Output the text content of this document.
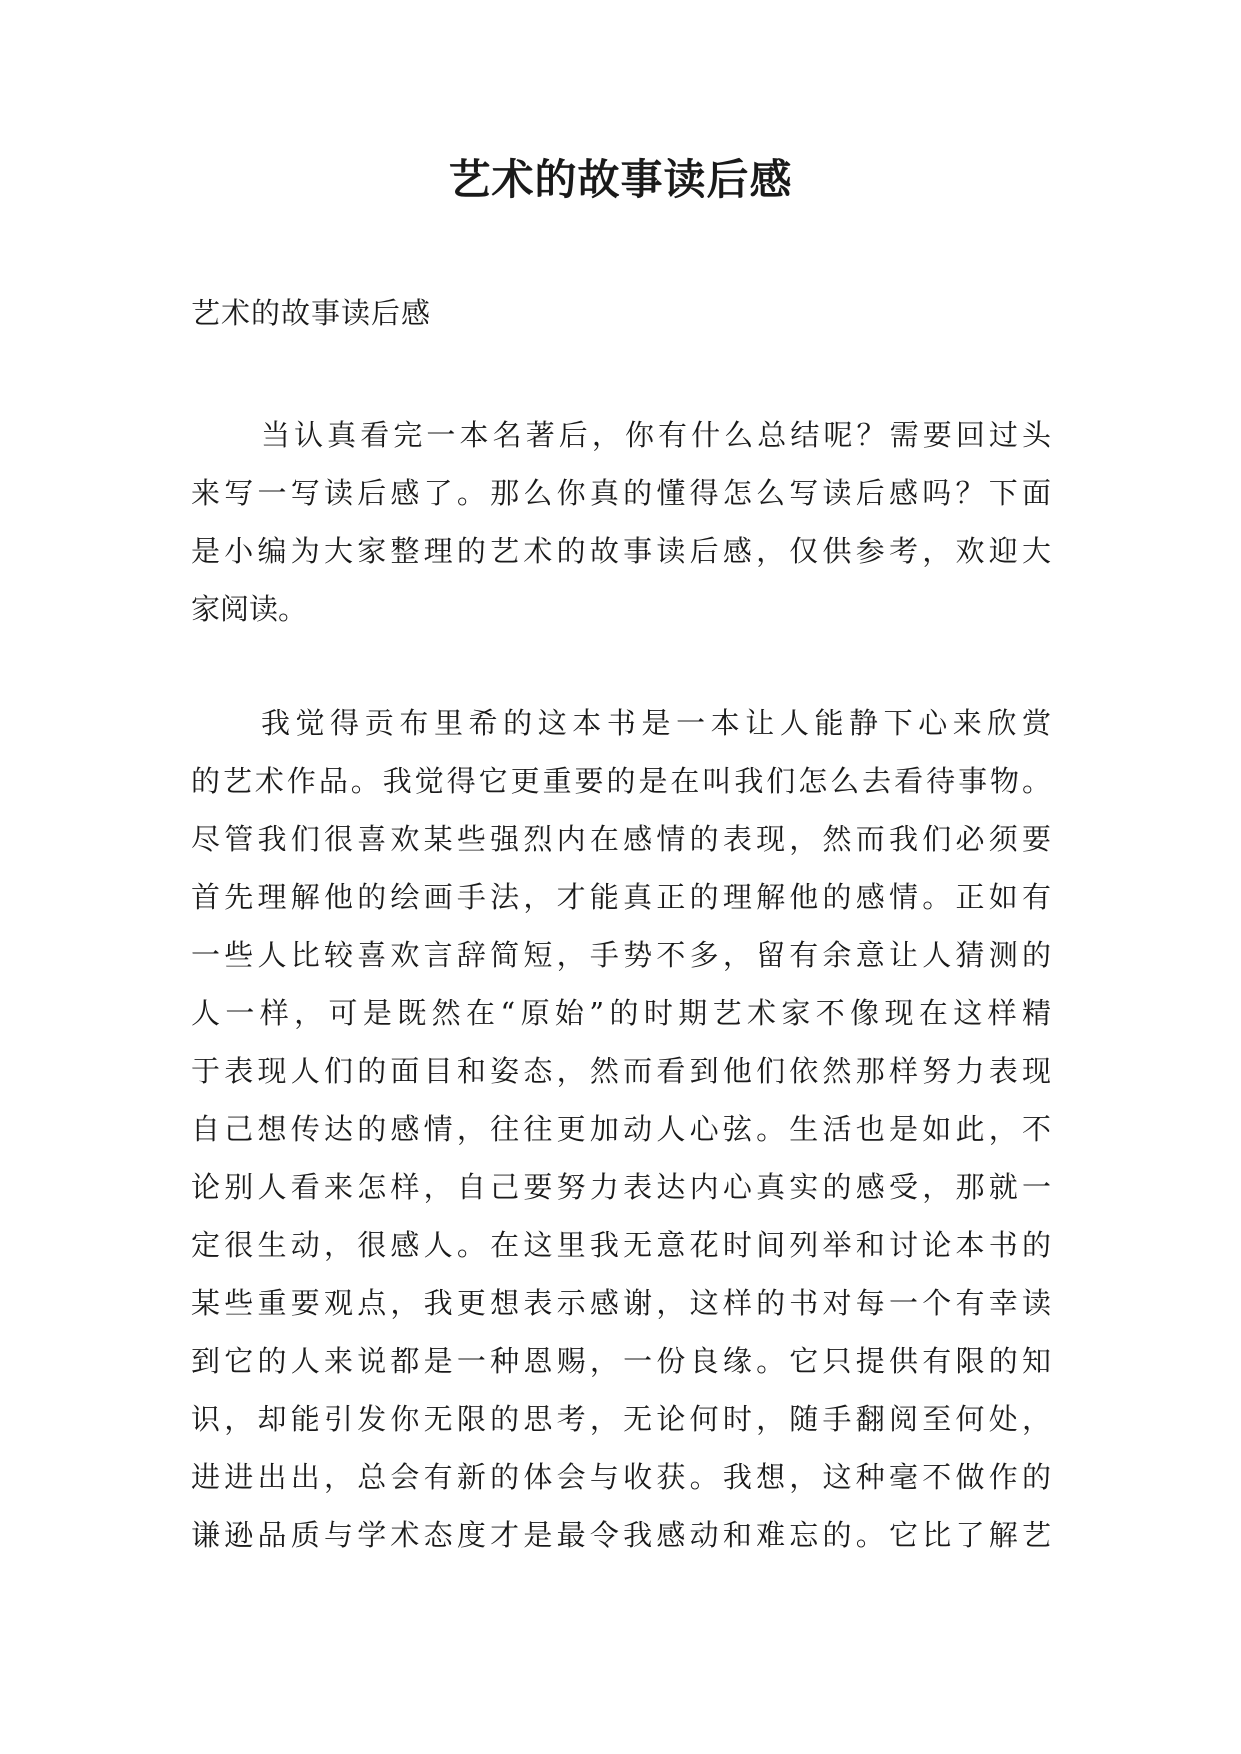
艺术的故事读后感
艺术的故事读后感
当认真看完一本名著后，你有什么总结呢？需要回过头
来写一写读后感了。那么你真的懂得怎么写读后感吗？下面
是小编为大家整理的艺术的故事读后感，仅供参考，欢迎大
家阅读。
我觉得贡布里希的这本书是一本让人能静下心来欣赏
的艺术作品。我觉得它更重要的是在叫我们怎么去看待事物。
尽管我们很喜欢某些强烈内在感情的表现，然而我们必须要
首先理解他的绘画手法，才能真正的理解他的感情。正如有
一些人比较喜欢言辞简短，手势不多，留有余意让人猜测的
人一样，可是既然在“原始”的时期艺术家不像现在这样精
于表现人们的面目和姿态，然而看到他们依然那样努力表现
自己想传达的感情，往往更加动人心弦。生活也是如此，不
论别人看来怎样，自己要努力表达内心真实的感受，那就一
定很生动，很感人。在这里我无意花时间列举和讨论本书的
某些重要观点，我更想表示感谢，这样的书对每一个有幸读
到它的人来说都是一种恩赐，一份良缘。它只提供有限的知
识，却能引发你无限的思考，无论何时，随手翻阅至何处，
进进出出，总会有新的体会与收获。我想，这种毫不做作的
谦逊品质与学术态度才是最令我感动和难忘的。它比了解艺
